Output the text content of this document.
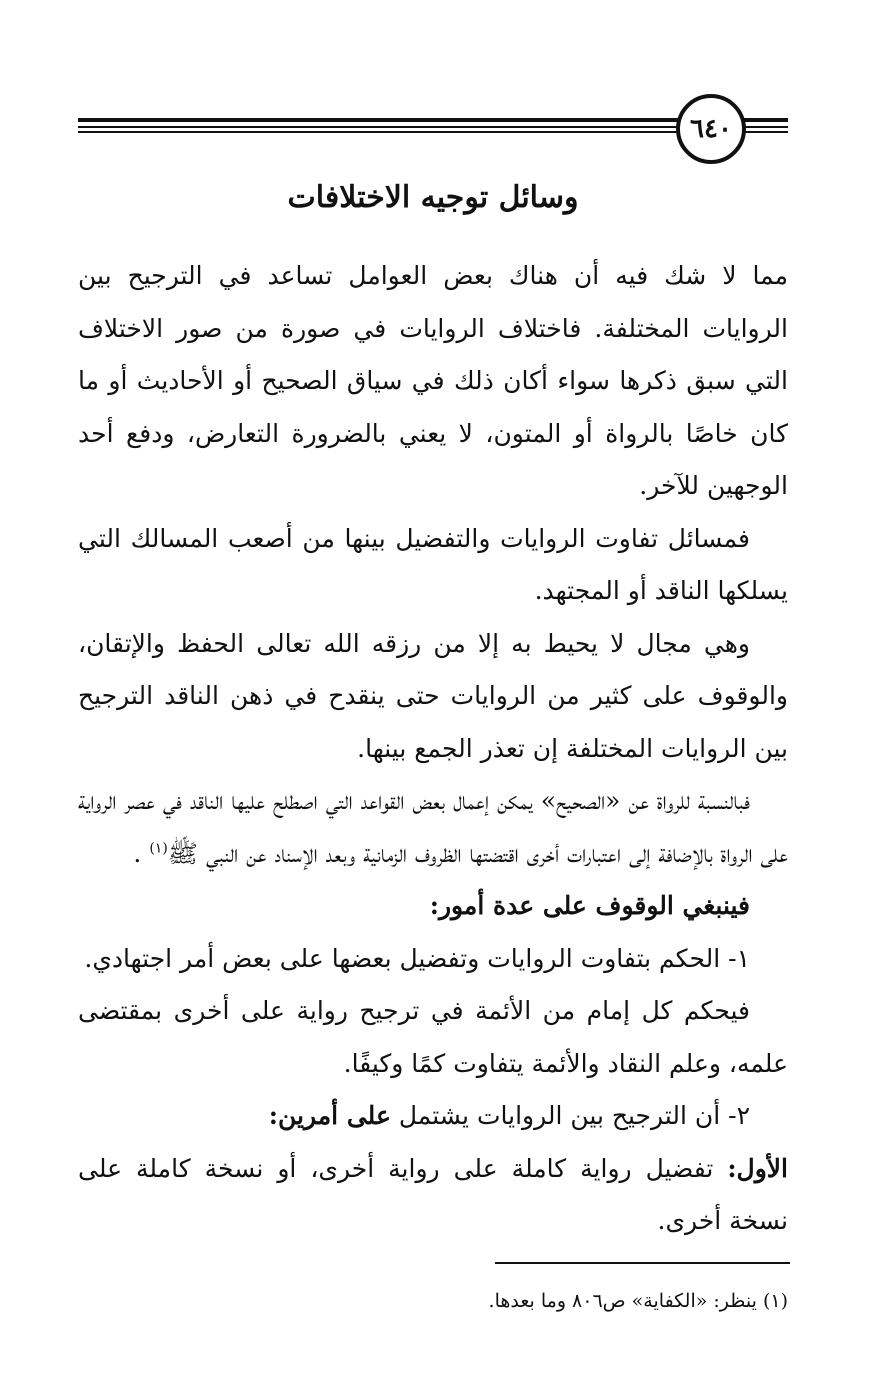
٦٤٠
وسائل توجيه الاختلافات

مما لا شك فيه أن هناك بعض العوامل تساعد في الترجيح بين الروايات المختلفة. فاختلاف الروايات في صورة من صور الاختلاف التي سبق ذكرها سواء أكان ذلك في سياق الصحيح أو الأحاديث أو ما كان خاصًا بالرواة أو المتون، لا يعني بالضرورة التعارض، ودفع أحد الوجهين للآخر.

فمسائل تفاوت الروايات والتفضيل بينها من أصعب المسالك التي يسلكها الناقد أو المجتهد.

وهي مجال لا يحيط به إلا من رزقه الله تعالى الحفظ والإتقان، والوقوف على كثير من الروايات حتى ينقدح في ذهن الناقد الترجيح بين الروايات المختلفة إن تعذر الجمع بينها.

فبالنسبة للرواة عن «الصحيح» يمكن إعمال بعض القواعد التي اصطلح عليها الناقد في عصر الرواية على الرواة بالإضافة إلى اعتبارات أخرى اقتضتها الظروف الزمانية وبعد الإسناد عن النبي ﷺ$^{(١)}$ .

فينبغي الوقوف على عدة أمور:

١- الحكم بتفاوت الروايات وتفضيل بعضها على بعض أمر اجتهادي.

فيحكم كل إمام من الأئمة في ترجيح رواية على أخرى بمقتضى علمه، وعلم النقاد والأئمة يتفاوت كمًا وكيفًا.

٢- أن الترجيح بين الروايات يشتمل على أمرين:

الأول: تفضيل رواية كاملة على رواية أخرى، أو نسخة كاملة على نسخة أخرى.

(١) ينظر: «الكفاية» ص٨٠٦ وما بعدها.
